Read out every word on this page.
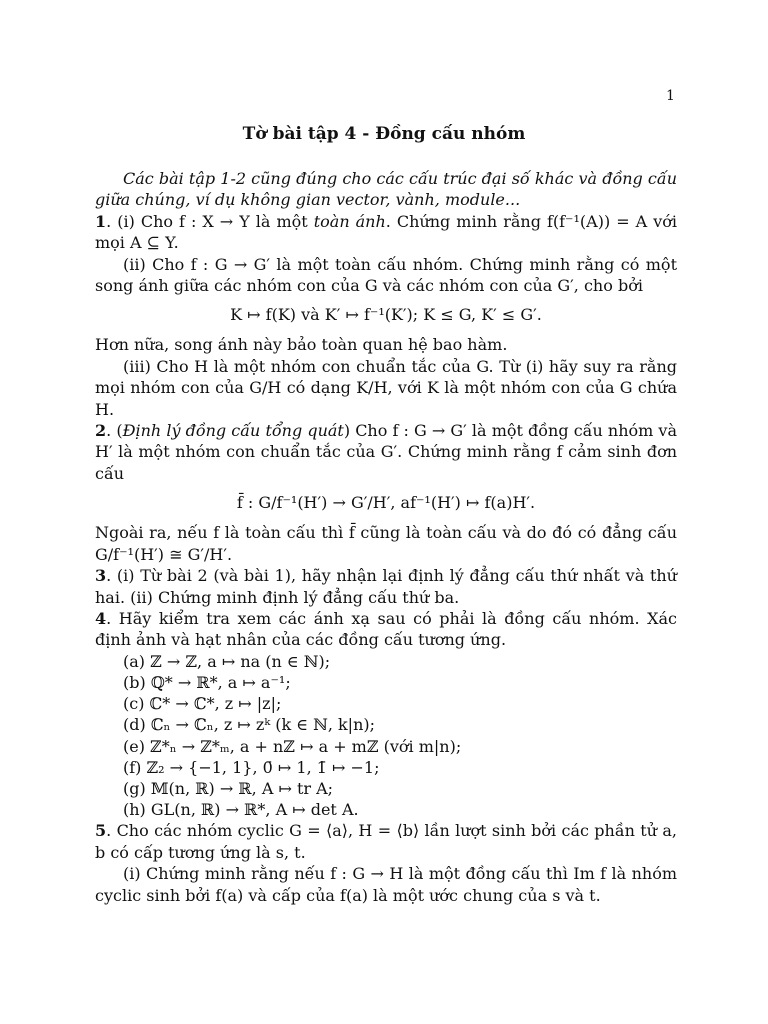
1
Tờ bài tập 4 - Đồng cấu nhóm

Các bài tập 1-2 cũng đúng cho các cấu trúc đại số khác và đồng cấu giữa chúng, ví dụ không gian vector, vành, module...

1. (i) Cho f : X → Y là một toàn ánh. Chứng minh rằng f(f⁻¹(A)) = A với mọi A ⊆ Y.

(ii) Cho f : G → G′ là một toàn cấu nhóm. Chứng minh rằng có một song ánh giữa các nhóm con của G và các nhóm con của G′, cho bởi

K ↦ f(K) và K′ ↦ f⁻¹(K′); K ≤ G, K′ ≤ G′.

Hơn nữa, song ánh này bảo toàn quan hệ bao hàm.

(iii) Cho H là một nhóm con chuẩn tắc của G. Từ (i) hãy suy ra rằng mọi nhóm con của G/H có dạng K/H, với K là một nhóm con của G chứa H.

2. (Định lý đồng cấu tổng quát) Cho f : G → G′ là một đồng cấu nhóm và H′ là một nhóm con chuẩn tắc của G′. Chứng minh rằng f cảm sinh đơn cấu

f̄ : G/f⁻¹(H′) → G′/H′, af⁻¹(H′) ↦ f(a)H′.

Ngoài ra, nếu f là toàn cấu thì f̄ cũng là toàn cấu và do đó có đẳng cấu G/f⁻¹(H′) ≅ G′/H′.

3. (i) Từ bài 2 (và bài 1), hãy nhận lại định lý đẳng cấu thứ nhất và thứ hai. (ii) Chứng minh định lý đẳng cấu thứ ba.

4. Hãy kiểm tra xem các ánh xạ sau có phải là đồng cấu nhóm. Xác định ảnh và hạt nhân của các đồng cấu tương ứng.

(a) ℤ → ℤ, a ↦ na (n ∈ ℕ);

(b) ℚ* → ℝ*, a ↦ a⁻¹;

(c) ℂ* → ℂ*, z ↦ |z|;

(d) ℂₙ → ℂₙ, z ↦ zᵏ (k ∈ ℕ, k|n);

(e) ℤ*ₙ → ℤ*ₘ, a + nℤ ↦ a + mℤ (với m|n);

(f) ℤ₂ → {−1, 1}, 0̄ ↦ 1, 1̄ ↦ −1;

(g) 𝕄(n, ℝ) → ℝ, A ↦ tr A;

(h) GL(n, ℝ) → ℝ*, A ↦ det A.

5. Cho các nhóm cyclic G = ⟨a⟩, H = ⟨b⟩ lần lượt sinh bởi các phần tử a, b có cấp tương ứng là s, t.

(i) Chứng minh rằng nếu f : G → H là một đồng cấu thì Im f là nhóm cyclic sinh bởi f(a) và cấp của f(a) là một ước chung của s và t.
